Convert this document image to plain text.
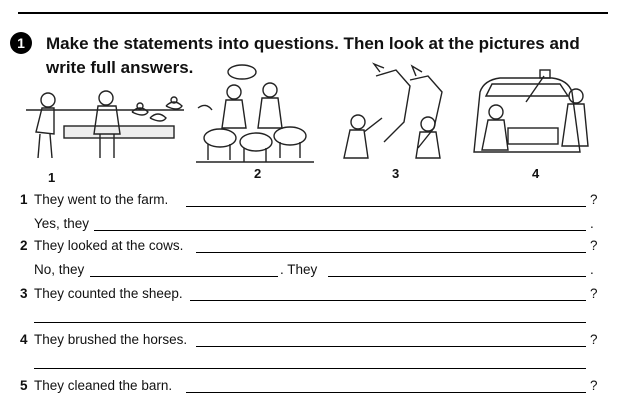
1	Make the statements into questions. Then look at the pictures and write full answers.
1	2	3	4
1 They went to the farm.	?
Yes, they	.
2 They looked at the cows.	?
No, they	. They	.
3 They counted the sheep.	?
4 They brushed the horses.	?
5 They cleaned the barn.	?
